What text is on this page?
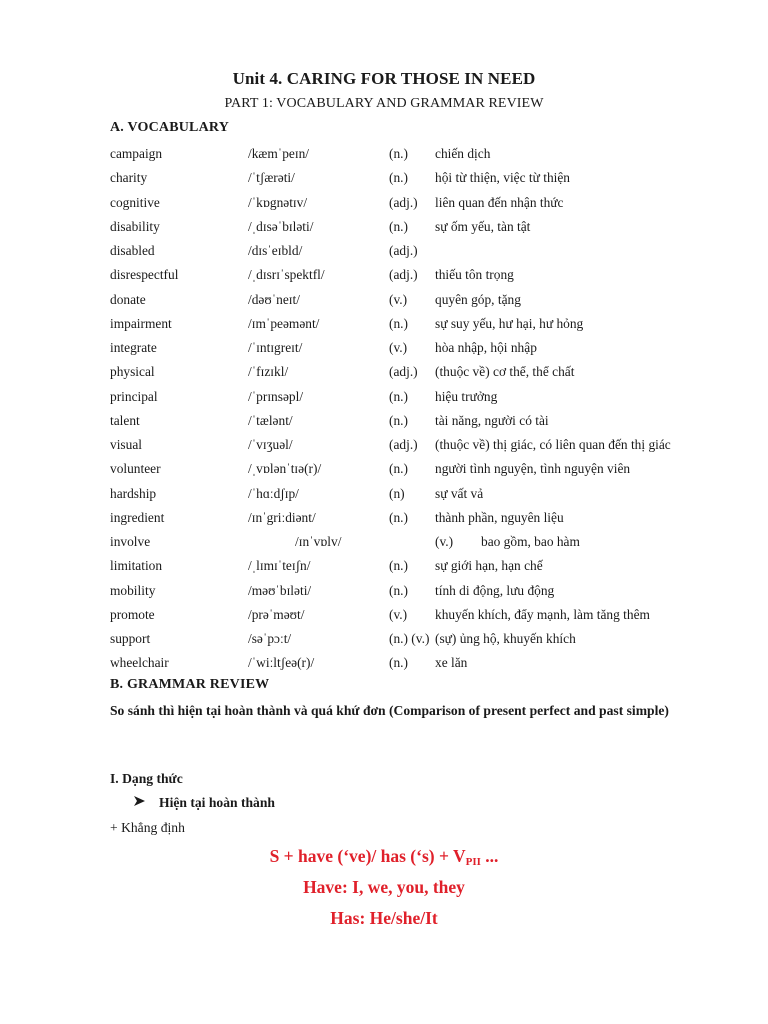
Unit 4. CARING FOR THOSE IN NEED
PART 1: VOCABULARY AND GRAMMAR REVIEW
A. VOCABULARY
campaign	/kæmˈpeɪn/	(n.) chiến dịch
charity	/ˈtʃærəti/	(n.) hội từ thiện, việc từ thiện
cognitive	/ˈkɒgnətɪv/	(adj.) liên quan đến nhận thức
disability	/ˌdɪsəˈbɪləti/	(n.) sự ốm yếu, tàn tật
disabled	/dɪsˈeɪbld/	(adj.)
disrespectful	/ˌdɪsrɪˈspektfl/	(adj.) thiếu tôn trọng
donate	/dəʊˈneɪt/	(v.) quyên góp, tặng
impairment	/ɪmˈpeəmənt/	(n.) sự suy yếu, hư hại, hư hỏng
integrate	/ˈɪntɪgreɪt/	(v.) hòa nhập, hội nhập
physical	/ˈfɪzɪkl/	(adj.) (thuộc về) cơ thể, thể chất
principal	/ˈprɪnsəpl/	(n.) hiệu trưởng
talent	/ˈtælənt/	(n.) tài năng, người có tài
visual	/ˈvɪʒuəl/	(adj.) (thuộc về) thị giác, có liên quan đến thị giác
volunteer	/ˌvɒlənˈtɪə(r)/	(n.) người tình nguyện, tình nguyện viên
hardship	/ˈhɑːdʃɪp/	(n) sự vất vả
ingredient	/ɪnˈgriːdiənt/	(n.) thành phần, nguyên liệu
involve	/ɪnˈvɒlv/	(v.) bao gồm, bao hàm
limitation	/ˌlɪmɪˈteɪʃn/	(n.) sự giới hạn, hạn chế
mobility	/məʊˈbɪləti/	(n.) tính di động, lưu động
promote	/prəˈməʊt/	(v.) khuyến khích, đẩy mạnh, làm tăng thêm
support	/səˈpɔːt/	(n.) (v.) (sự) ủng hộ, khuyến khích
wheelchair	/ˈwiːltʃeə(r)/	(n.) xe lăn
B. GRAMMAR REVIEW
So sánh thì hiện tại hoàn thành và quá khứ đơn (Comparison of present perfect and past simple)
I. Dạng thức
Hiện tại hoàn thành
+ Khẳng định
S + have (‘ve)/ has (‘s) + $V_{PII}$ ...
Have: I, we, you, they
Has: He/she/It
